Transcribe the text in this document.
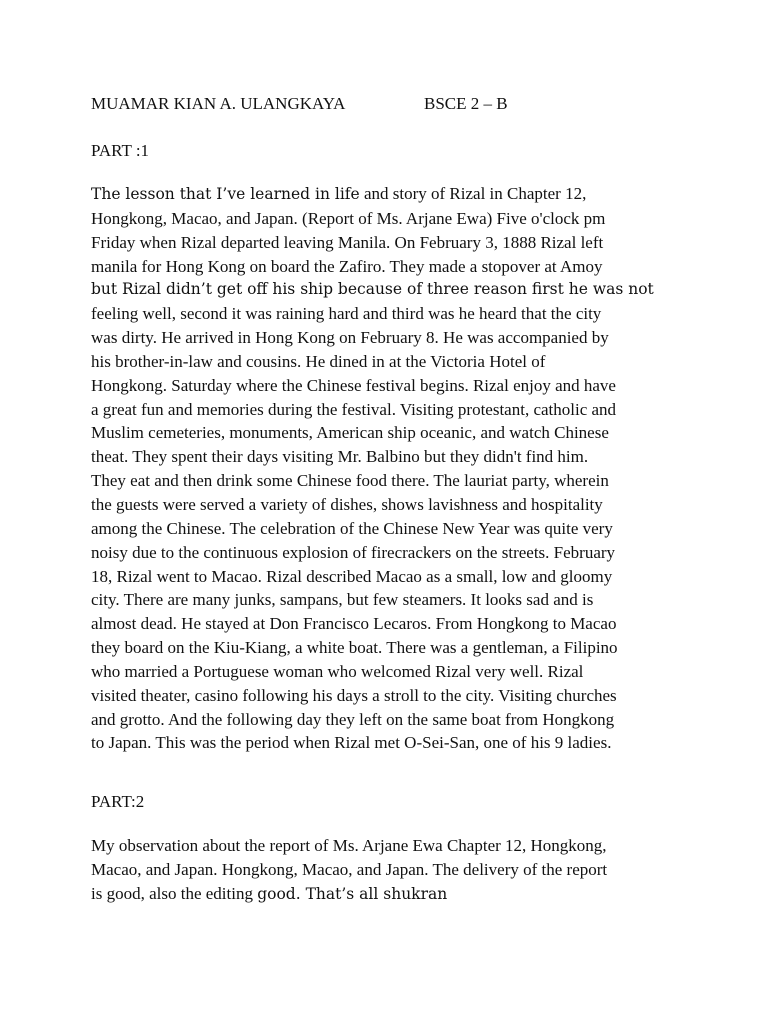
MUAMAR KIAN A. ULANGKAYA	BSCE 2 – B
PART :1
The lesson that I’ve learned in life and story of Rizal in Chapter 12,
Hongkong, Macao, and Japan. (Report of Ms. Arjane Ewa) Five o'clock pm
Friday when Rizal departed leaving Manila. On February 3, 1888 Rizal left
manila for Hong Kong on board the Zafiro. They made a stopover at Amoy
but Rizal didn’t get off his ship because of three reason first he was not
feeling well, second it was raining hard and third was he heard that the city
was dirty. He arrived in Hong Kong on February 8. He was accompanied by
his brother-in-law and cousins. He dined in at the Victoria Hotel of
Hongkong. Saturday where the Chinese festival begins. Rizal enjoy and have
a great fun and memories during the festival. Visiting protestant, catholic and
Muslim cemeteries, monuments, American ship oceanic, and watch Chinese
theat. They spent their days visiting Mr. Balbino but they didn't find him.
They eat and then drink some Chinese food there. The lauriat party, wherein
the guests were served a variety of dishes, shows lavishness and hospitality
among the Chinese. The celebration of the Chinese New Year was quite very
noisy due to the continuous explosion of firecrackers on the streets. February
18, Rizal went to Macao. Rizal described Macao as a small, low and gloomy
city. There are many junks, sampans, but few steamers. It looks sad and is
almost dead. He stayed at Don Francisco Lecaros. From Hongkong to Macao
they board on the Kiu-Kiang, a white boat. There was a gentleman, a Filipino
who married a Portuguese woman who welcomed Rizal very well. Rizal
visited theater, casino following his days a stroll to the city. Visiting churches
and grotto. And the following day they left on the same boat from Hongkong
to Japan. This was the period when Rizal met O-Sei-San, one of his 9 ladies.
PART:2
My observation about the report of Ms. Arjane Ewa Chapter 12, Hongkong,
Macao, and Japan. Hongkong, Macao, and Japan. The delivery of the report
is good, also the editing good. That’s all shukran
